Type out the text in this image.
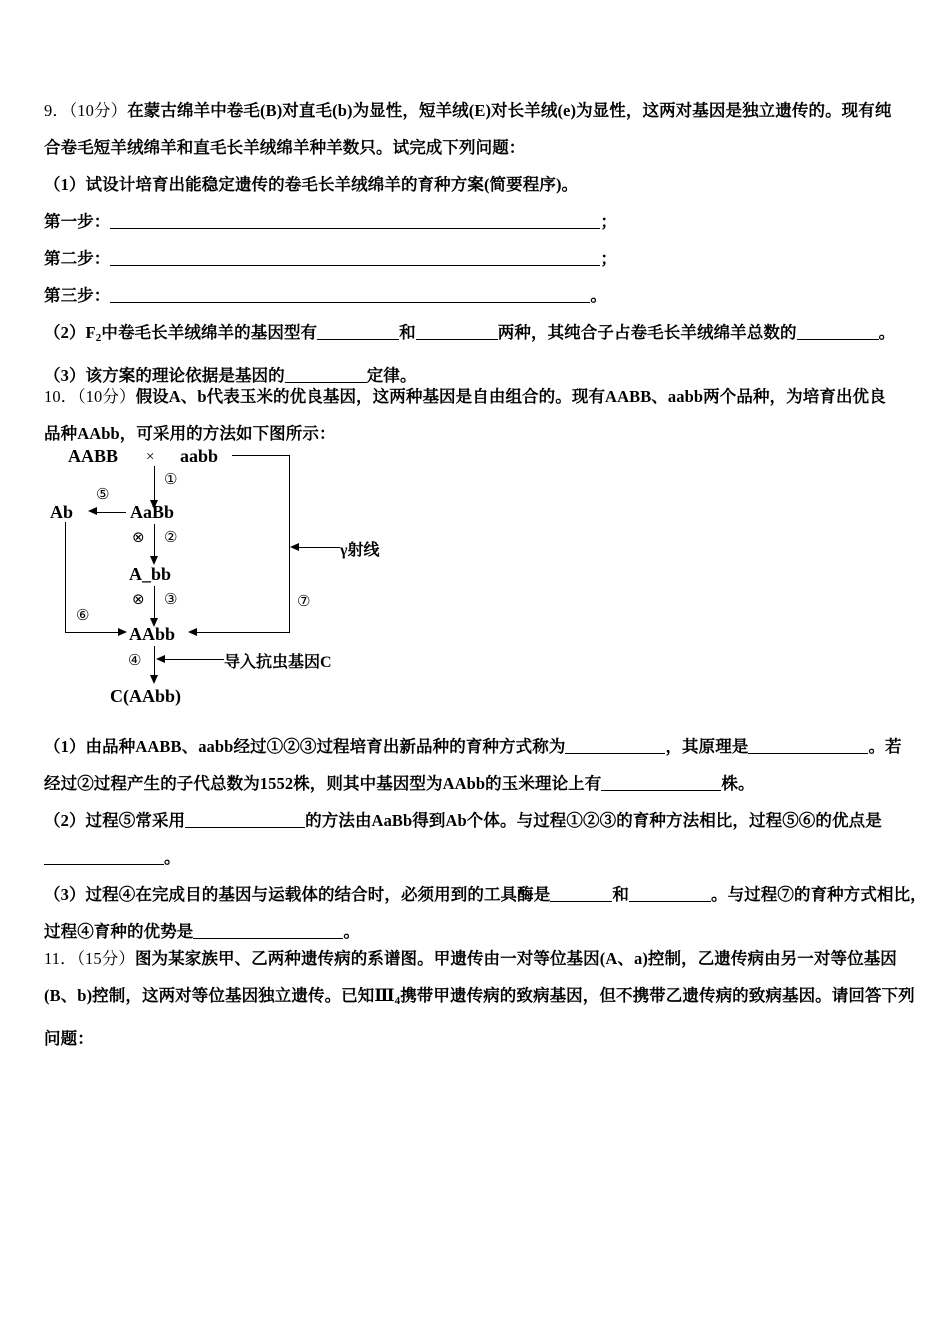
9．（10分）在蒙古绵羊中卷毛(B)对直毛(b)为显性，短羊绒(E)对长羊绒(e)为显性，这两对基因是独立遗传的。现有纯
合卷毛短羊绒绵羊和直毛长羊绒绵羊种羊数只。试完成下列问题：
（1）试设计培育出能稳定遗传的卷毛长羊绒绵羊的育种方案(简要程序)。
第一步：	；
第二步：	；
第三步：	。
$(2)F_2$中卷毛长羊绒绵羊的基因型有	和	两种，其纯合子占卷毛长羊绒绵羊总数的	。
（3）该方案的理论依据是基因的	定律。
10．（10分）假设A、b代表玉米的优良基因，这两种基因是自由组合的。现有AABB、aabb两个品种，为培育出优良
品种AAbb，可采用的方法如下图所示：
AABB × aabb
①
Ab	AaBb
⑤
⊗ ②
A_bb
γ射线
⑦
⊗ ③
⑥
AAbb
④	导入抗虫基因C
C(AAbb)
（1）由品种AABB、aabb经过①②③过程培育出新品种的育种方式称为	，其原理是	。若
经过②过程产生的子代总数为1552株，则其中基因型为AAbb的玉米理论上有	株。
（2）过程⑤常采用	的方法由AaBb得到Ab个体。与过程①②③的育种方法相比，过程⑤⑥的优点是
。
（3）过程④在完成目的基因与运载体的结合时，必须用到的工具酶是	和	。与过程⑦的育种方式相比，
过程④育种的优势是	。
11．（15分）图为某家族甲、乙两种遗传病的系谱图。甲遗传由一对等位基因(A、a)控制，乙遗传病由另一对等位基因
(B、b)控制，这两对等位基因独立遗传。已知$Ⅲ_4$携带甲遗传病的致病基因，但不携带乙遗传病的致病基因。请回答下列
问题：
